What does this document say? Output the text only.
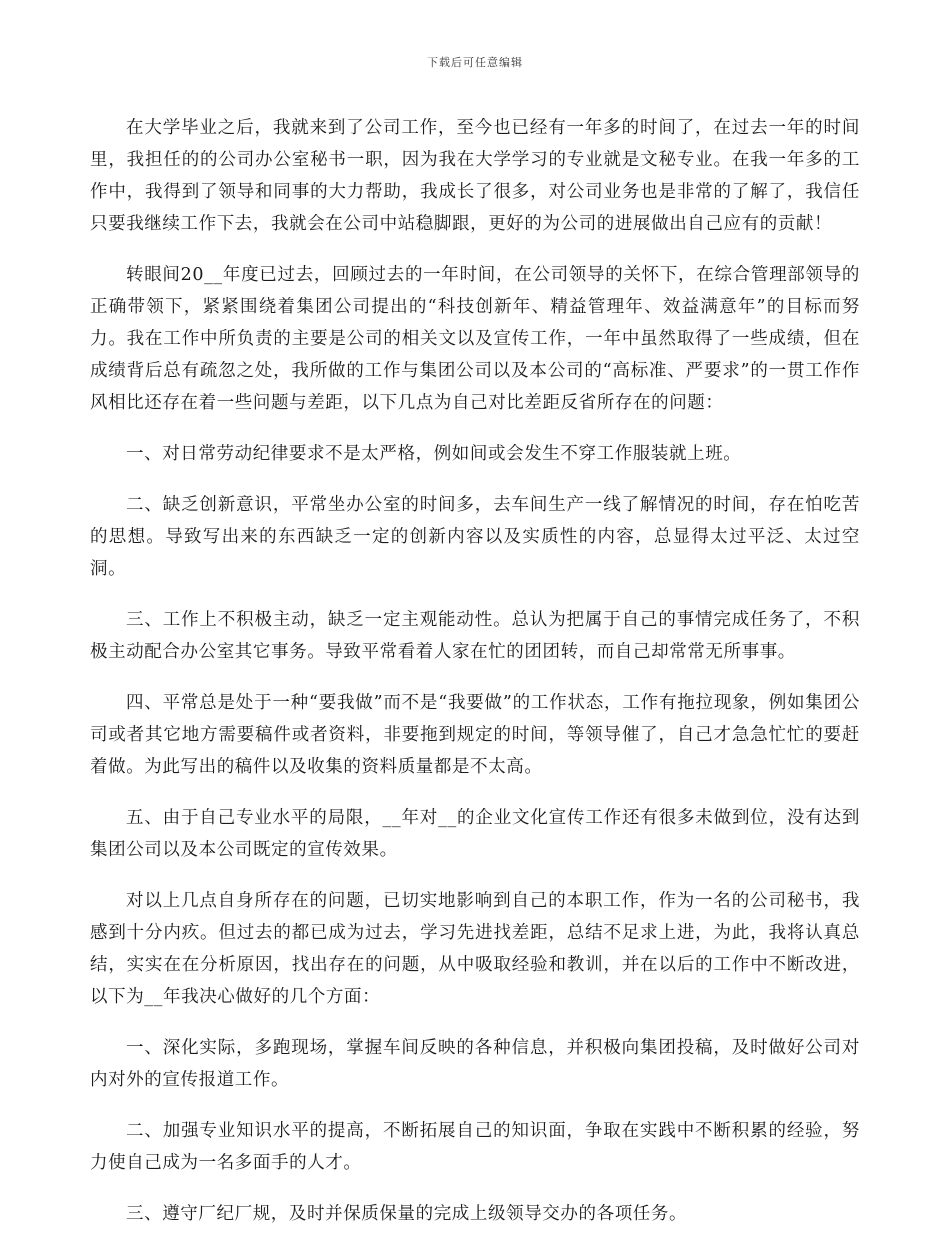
下载后可任意编辑

在大学毕业之后，我就来到了公司工作，至今也已经有一年多的时间了，在过去一年的时间里，我担任的的公司办公室秘书一职，因为我在大学学习的专业就是文秘专业。在我一年多的工作中，我得到了领导和同事的大力帮助，我成长了很多，对公司业务也是非常的了解了，我信任只要我继续工作下去，我就会在公司中站稳脚跟，更好的为公司的进展做出自己应有的贡献！

转眼间20__年度已过去，回顾过去的一年时间，在公司领导的关怀下，在综合管理部领导的正确带领下，紧紧围绕着集团公司提出的“科技创新年、精益管理年、效益满意年”的目标而努力。我在工作中所负责的主要是公司的相关文以及宣传工作，一年中虽然取得了一些成绩，但在成绩背后总有疏忽之处，我所做的工作与集团公司以及本公司的“高标准、严要求”的一贯工作作风相比还存在着一些问题与差距，以下几点为自己对比差距反省所存在的问题：

一、对日常劳动纪律要求不是太严格，例如间或会发生不穿工作服装就上班。

二、缺乏创新意识，平常坐办公室的时间多，去车间生产一线了解情况的时间，存在怕吃苦的思想。导致写出来的东西缺乏一定的创新内容以及实质性的内容，总显得太过平泛、太过空洞。

三、工作上不积极主动，缺乏一定主观能动性。总认为把属于自己的事情完成任务了，不积极主动配合办公室其它事务。导致平常看着人家在忙的团团转，而自己却常常无所事事。

四、平常总是处于一种“要我做”而不是“我要做”的工作状态，工作有拖拉现象，例如集团公司或者其它地方需要稿件或者资料，非要拖到规定的时间，等领导催了，自己才急急忙忙的要赶着做。为此写出的稿件以及收集的资料质量都是不太高。

五、由于自己专业水平的局限，__年对__的企业文化宣传工作还有很多未做到位，没有达到集团公司以及本公司既定的宣传效果。

对以上几点自身所存在的问题，已切实地影响到自己的本职工作，作为一名的公司秘书，我感到十分内疚。但过去的都已成为过去，学习先进找差距，总结不足求上进，为此，我将认真总结，实实在在分析原因，找出存在的问题，从中吸取经验和教训，并在以后的工作中不断改进，以下为__年我决心做好的几个方面：

一、深化实际，多跑现场，掌握车间反映的各种信息，并积极向集团投稿，及时做好公司对内对外的宣传报道工作。

二、加强专业知识水平的提高，不断拓展自己的知识面，争取在实践中不断积累的经验，努力使自己成为一名多面手的人才。

三、遵守厂纪厂规，及时并保质保量的完成上级领导交办的各项任务。
